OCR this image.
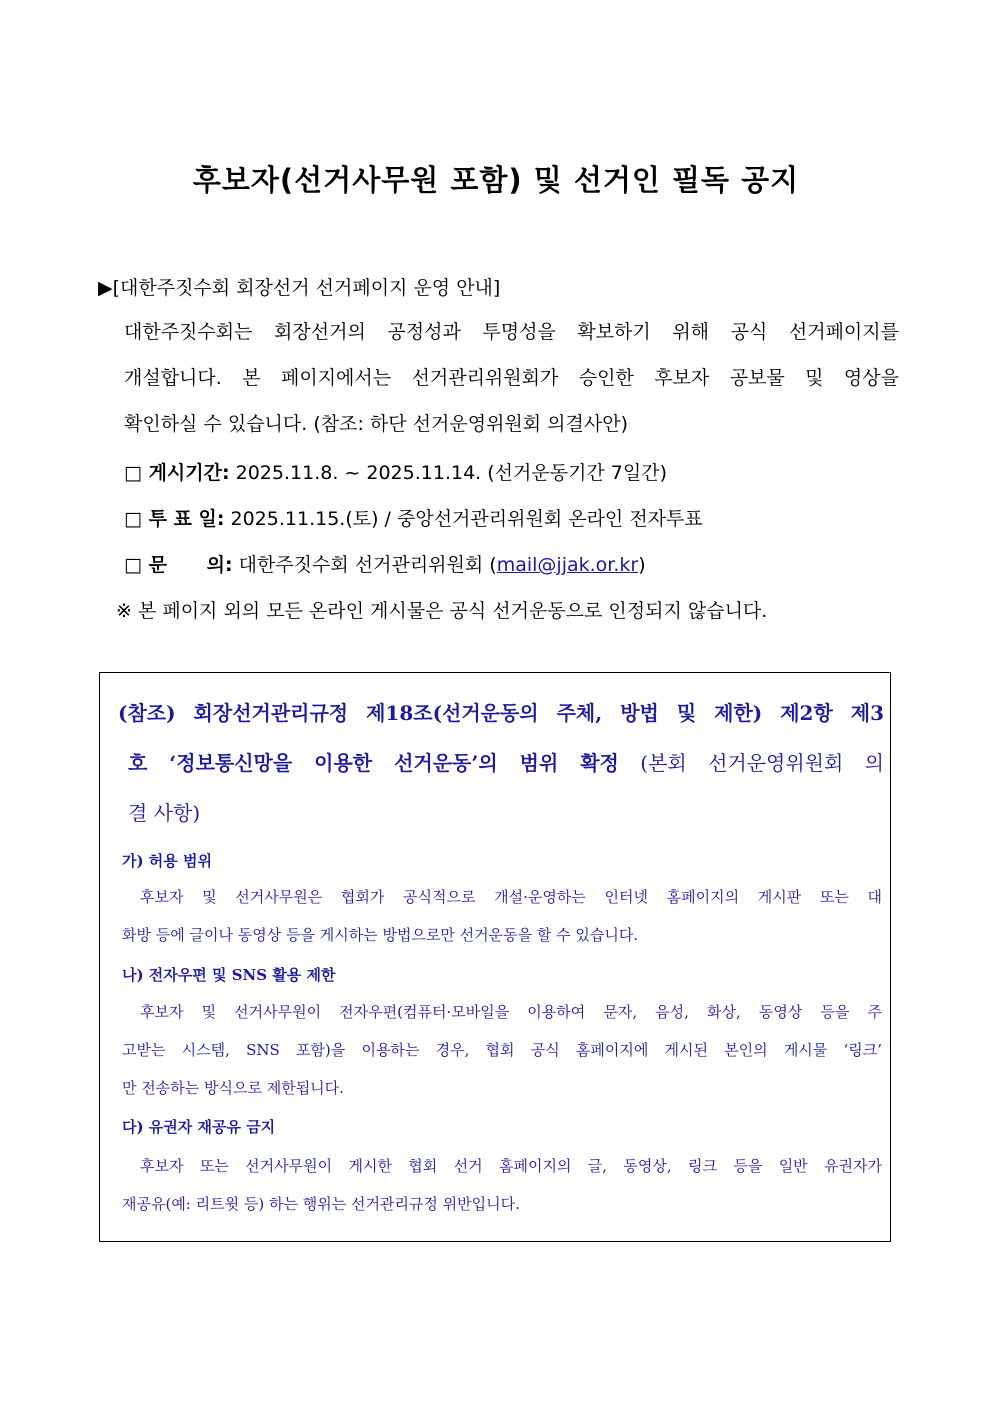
후보자(선거사무원 포함) 및 선거인 필독 공지
▶[대한주짓수회 회장선거 선거페이지 운영 안내]
대한주짓수회는 회장선거의 공정성과 투명성을 확보하기 위해 공식 선거페이지를
개설합니다. 본 페이지에서는 선거관리위원회가 승인한 후보자 공보물 및 영상을
확인하실 수 있습니다. (참조: 하단 선거운영위원회 의결사안)
□ 게시기간: 2025.11.8. ~ 2025.11.14. (선거운동기간 7일간)
□ 투 표 일: 2025.11.15.(토) / 중앙선거관리위원회 온라인 전자투표
□ 문      의: 대한주짓수회 선거관리위원회 (mail@jjak.or.kr)
※ 본 페이지 외의 모든 온라인 게시물은 공식 선거운동으로 인정되지 않습니다.
(참조) 회장선거관리규정 제18조(선거운동의 주체, 방법 및 제한) 제2항 제3
호 ‘정보통신망을 이용한 선거운동’의 범위 확정 (본회 선거운영위원회 의
결 사항)
가) 허용 범위
후보자 및 선거사무원은 협회가 공식적으로 개설·운영하는 인터넷 홈페이지의 게시판 또는 대
화방 등에 글이나 동영상 등을 게시하는 방법으로만 선거운동을 할 수 있습니다.
나) 전자우편 및 SNS 활용 제한
후보자 및 선거사무원이 전자우편(컴퓨터·모바일을 이용하여 문자, 음성, 화상, 동영상 등을 주
고받는 시스템, SNS 포함)을 이용하는 경우, 협회 공식 홈페이지에 게시된 본인의 게시물 ‘링크’
만 전송하는 방식으로 제한됩니다.
다) 유권자 재공유 금지
후보자 또는 선거사무원이 게시한 협회 선거 홈페이지의 글, 동영상, 링크 등을 일반 유권자가
재공유(예: 리트윗 등) 하는 행위는 선거관리규정 위반입니다.
